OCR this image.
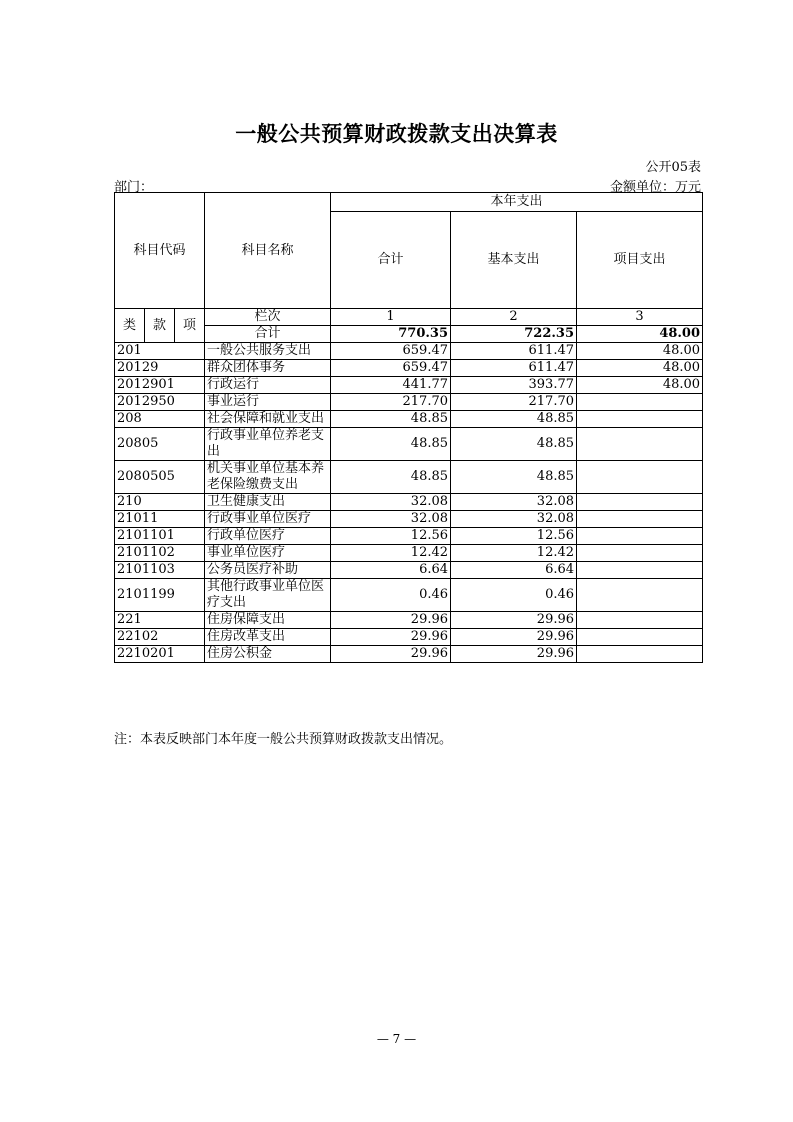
一般公共预算财政拨款支出决算表
公开05表
部门：	金额单位：万元
科目代码			科目名称	本年支出		
				合计	基本支出	项目支出
类	款	项	栏次	1	2	3
			合计	770.35	722.35	48.00
201			一般公共服务支出	659.47	611.47	48.00
20129			群众团体事务	659.47	611.47	48.00
2012901			行政运行	441.77	393.77	48.00
2012950			事业运行	217.70	217.70	
208			社会保障和就业支出	48.85	48.85	
20805			行政事业单位养老支出	48.85	48.85	
2080505			机关事业单位基本养老保险缴费支出	48.85	48.85	
210			卫生健康支出	32.08	32.08	
21011			行政事业单位医疗	32.08	32.08	
2101101			行政单位医疗	12.56	12.56	
2101102			事业单位医疗	12.42	12.42	
2101103			公务员医疗补助	6.64	6.64	
2101199			其他行政事业单位医疗支出	0.46	0.46	
221			住房保障支出	29.96	29.96	
22102			住房改革支出	29.96	29.96	
2210201			住房公积金	29.96	29.96	
注：本表反映部门本年度一般公共预算财政拨款支出情况。
— 7 —
